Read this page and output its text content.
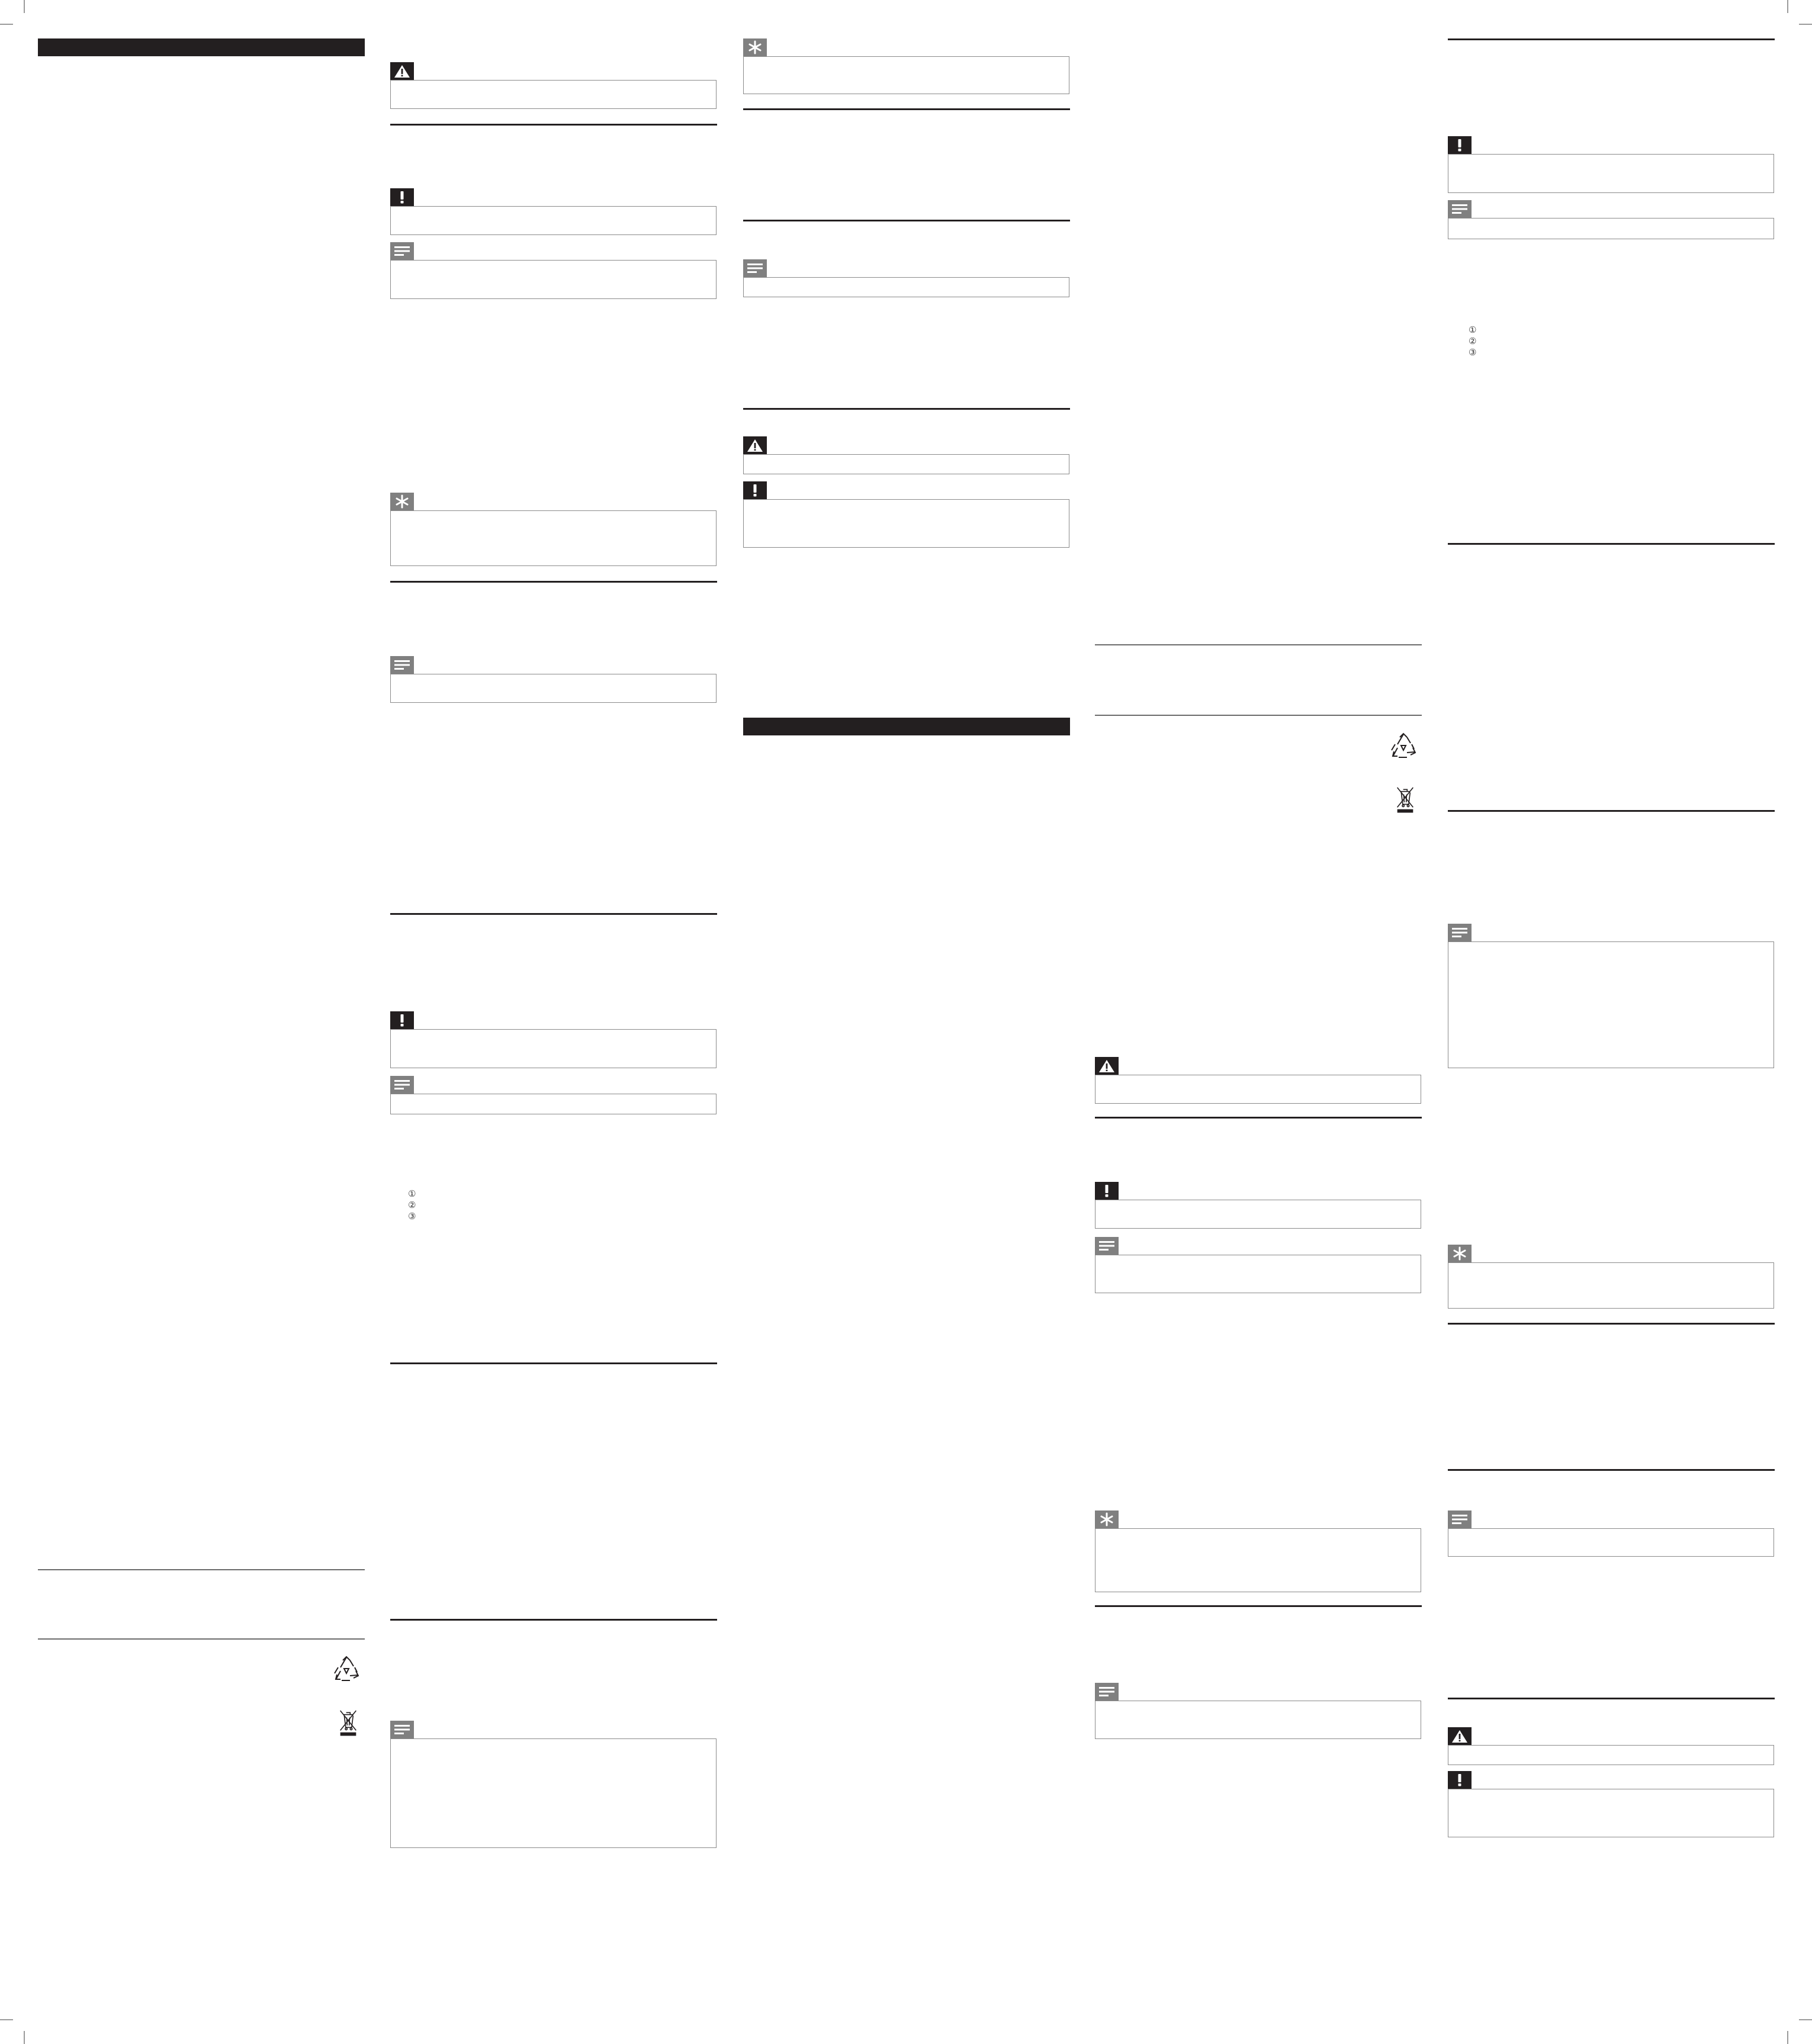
①
②
③
①
②
③
